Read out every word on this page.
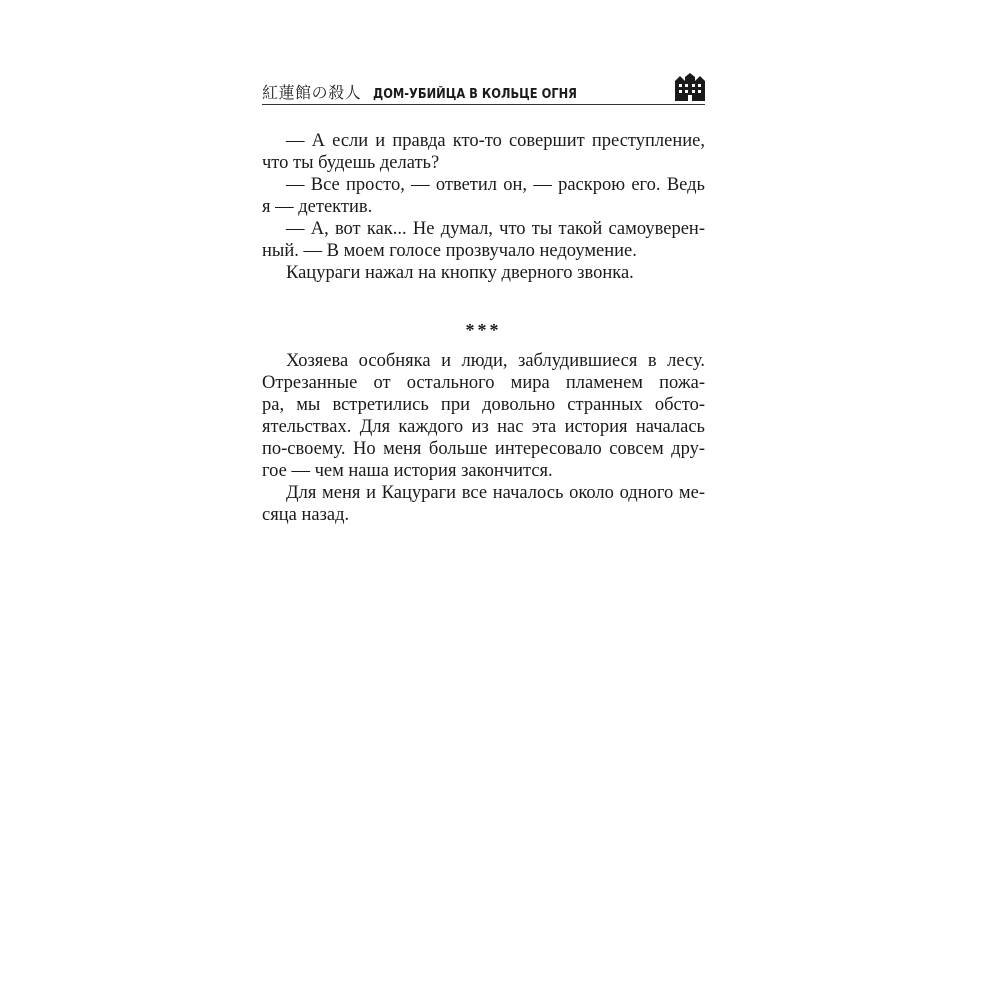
紅蓮館の殺人 ДОМ-УБИЙЦА В КОЛЬЦЕ ОГНЯ
— А если и правда кто-то совершит преступление,
что ты будешь делать?
— Все просто, — ответил он, — раскрою его. Ведь
я — детектив.
— А, вот как... Не думал, что ты такой самоуверен-
ный. — В моем голосе прозвучало недоумение.
Кацураги нажал на кнопку дверного звонка.
***
Хозяева особняка и люди, заблудившиеся в лесу.
Отрезанные от остального мира пламенем пожа-
ра, мы встретились при довольно странных обсто-
ятельствах. Для каждого из нас эта история началась
по-своему. Но меня больше интересовало совсем дру-
гое — чем наша история закончится.
Для меня и Кацураги все началось около одного ме-
сяца назад.
